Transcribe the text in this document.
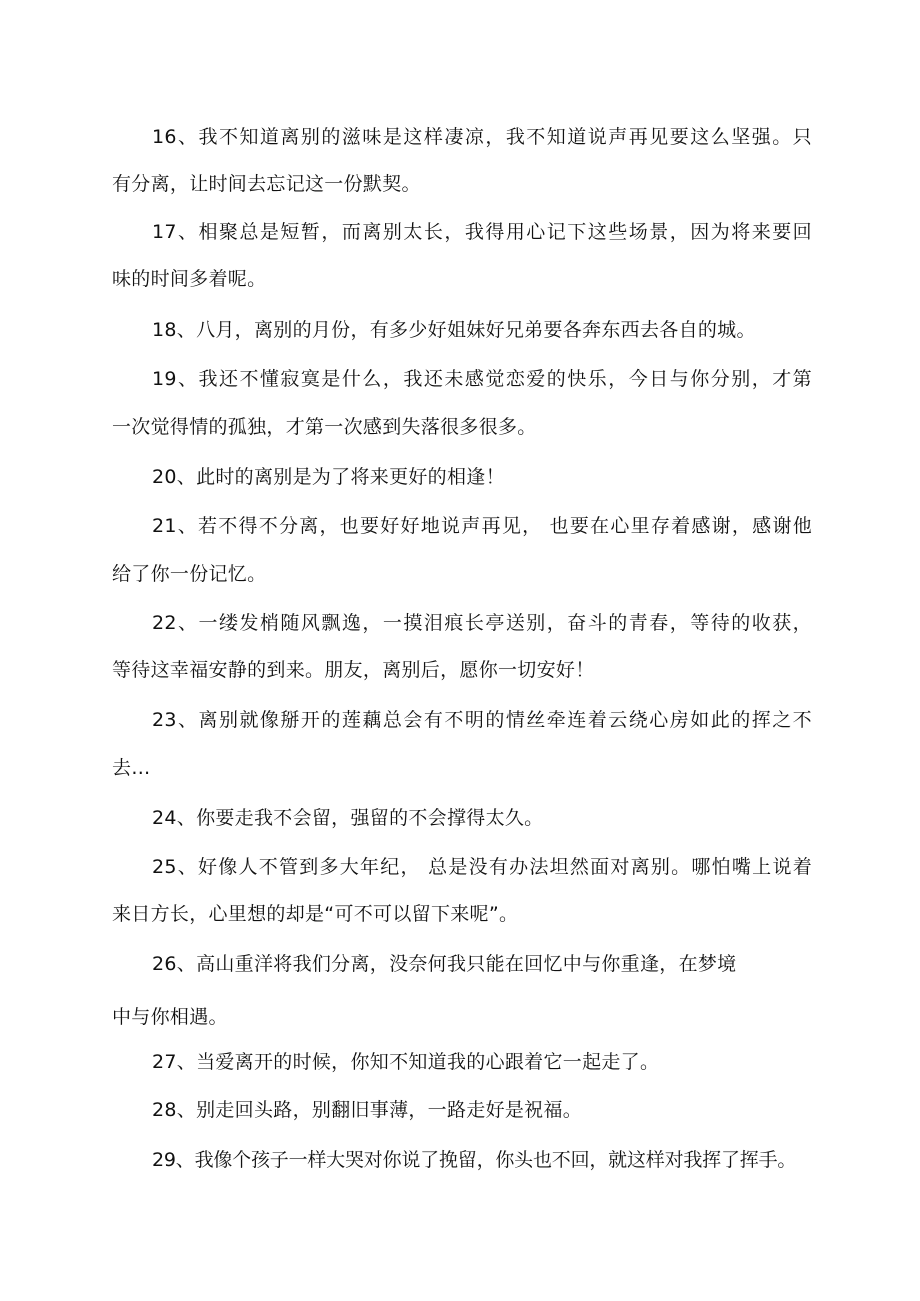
16、我不知道离别的滋味是这样凄凉，我不知道说声再见要这么坚强。只
有分离，让时间去忘记这一份默契。
17、相聚总是短暂，而离别太长，我得用心记下这些场景，因为将来要回
味的时间多着呢。
18、八月，离别的月份，有多少好姐妹好兄弟要各奔东西去各自的城。
19、我还不懂寂寞是什么，我还未感觉恋爱的快乐，今日与你分别，才第
一次觉得情的孤独，才第一次感到失落很多很多。
20、此时的离别是为了将来更好的相逢！
21、若不得不分离，也要好好地说声再见， 也要在心里存着感谢，感谢他
给了你一份记忆。
22、一缕发梢随风飘逸，一摸泪痕长亭送别，奋斗的青春，等待的收获，
等待这幸福安静的到来。朋友，离别后，愿你一切安好！
23、离别就像掰开的莲藕总会有不明的情丝牵连着云绕心房如此的挥之不
去…
24、你要走我不会留，强留的不会撑得太久。
25、好像人不管到多大年纪， 总是没有办法坦然面对离别。哪怕嘴上说着
来日方长，心里想的却是“可不可以留下来呢”。
26、高山重洋将我们分离，没奈何我只能在回忆中与你重逢，在梦境
中与你相遇。
27、当爱离开的时候，你知不知道我的心跟着它一起走了。
28、别走回头路，别翻旧事薄，一路走好是祝福。
29、我像个孩子一样大哭对你说了挽留，你头也不回，就这样对我挥了挥手。
